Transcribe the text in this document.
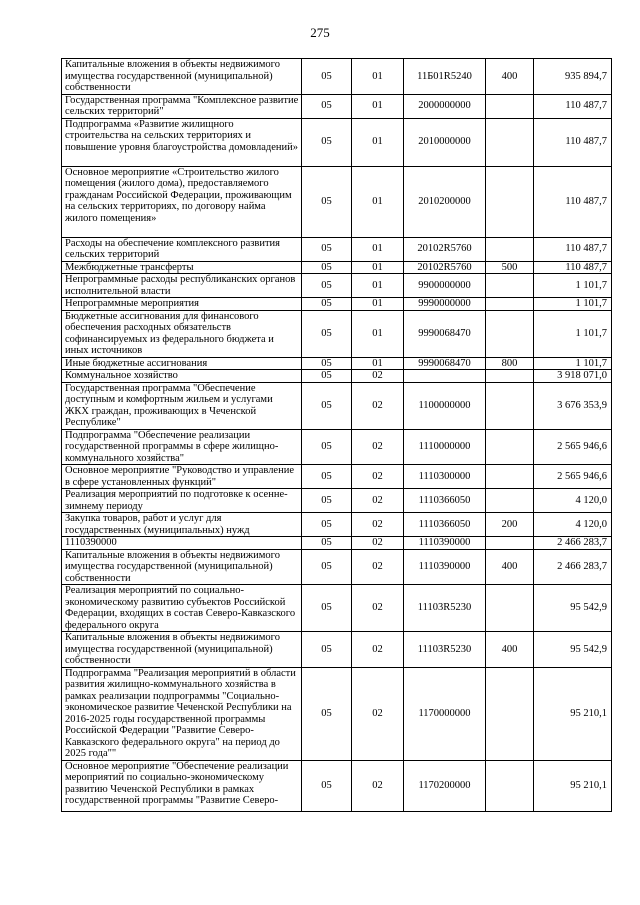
275
Капитальные вложения в объекты недвижимого имущества государственной (муниципальной) собственности	05	01	11Б01R5240	400	935 894,7
Государственная программа "Комплексное развитие сельских территорий"	05	01	2000000000		110 487,7
Подпрограмма «Развитие жилищного строительства на сельских территориях и повышение уровня благоустройства домовладений»	05	01	2010000000		110 487,7
Основное мероприятие «Строительство жилого помещения (жилого дома), предоставляемого гражданам Российской Федерации, проживающим на сельских территориях, по договору найма жилого помещения»	05	01	2010200000		110 487,7
Расходы на обеспечение комплексного развития сельских территорий	05	01	20102R5760		110 487,7
Межбюджетные трансферты	05	01	20102R5760	500	110 487,7
Непрограммные расходы республиканских органов исполнительной власти	05	01	9900000000		1 101,7
Непрограммные мероприятия	05	01	9990000000		1 101,7
Бюджетные ассигнования для финансового обеспечения расходных обязательств софинансируемых из федерального бюджета и иных источников	05	01	9990068470		1 101,7
Иные бюджетные ассигнования	05	01	9990068470	800	1 101,7
Коммунальное хозяйство	05	02			3 918 071,0
Государственная программа "Обеспечение доступным и комфортным жильем и услугами ЖКХ граждан, проживающих в Чеченской Республике"	05	02	1100000000		3 676 353,9
Подпрограмма "Обеспечение реализации государственной программы в сфере жилищно-коммунального хозяйства"	05	02	1110000000		2 565 946,6
Основное мероприятие "Руководство и управление в сфере установленных функций"	05	02	1110300000		2 565 946,6
Реализация мероприятий по подготовке к осенне-зимнему периоду	05	02	1110366050		4 120,0
Закупка товаров, работ и услуг для государственных (муниципальных) нужд	05	02	1110366050	200	4 120,0
1110390000	05	02	1110390000		2 466 283,7
Капитальные вложения в объекты недвижимого имущества государственной (муниципальной) собственности	05	02	1110390000	400	2 466 283,7
Реализация мероприятий по социально-экономическому развитию субъектов Российской Федерации, входящих в состав Северо-Кавказского федерального округа	05	02	11103R5230		95 542,9
Капитальные вложения в объекты недвижимого имущества государственной (муниципальной) собственности	05	02	11103R5230	400	95 542,9
Подпрограмма "Реализация мероприятий в области развития жилищно-коммунального хозяйства в рамках реализации подпрограммы "Социально-экономическое развитие Чеченской Республики на 2016-2025 годы государственной программы Российской Федерации "Развитие Северо-Кавказского федерального округа" на период до 2025 года""	05	02	1170000000		95 210,1
Основное мероприятие "Обеспечение реализации мероприятий по социально-экономическому развитию Чеченской Республики в рамках государственной программы "Развитие Северо-	05	02	1170200000		95 210,1
